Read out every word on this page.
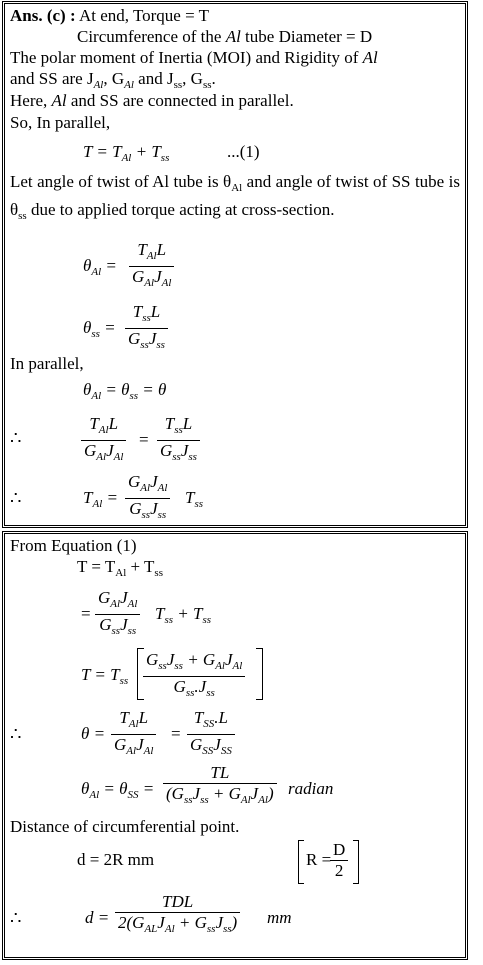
Ans. (c) : At end, Torque = T
Circumference of the Al tube Diameter = D
The polar moment of Inertia (MOI) and Rigidity of Al
and SS are $J_{Al}$, $G_{Al}$ and $J_{ss}$, $G_{ss}$.
Here, Al and SS are connected in parallel.
So, In parallel,
$T = T_{Al} + T_{ss}$	...(1)
Let angle of twist of Al tube is $\theta_{Al}$ and angle of twist of SS tube is $\theta_{ss}$ due to applied torque acting at cross-section.
$\theta_{Al}$ =
$T_{Al}L$
$G_{Al}J_{Al}$
$\theta_{ss}$ =
$T_{ss}L$
$G_{ss}J_{ss}$
In parallel,
$\theta_{Al} = \theta_{ss} = \theta$
∴
$T_{Al}L$
$G_{Al}J_{Al}$
=
$T_{ss}L$
$G_{ss}J_{ss}$
∴	$T_{Al}$ =
$G_{Al}J_{Al}$
$G_{ss}J_{ss}$
$T_{ss}$
From Equation (1)
$T = T_{Al} + T_{ss}$
=
$G_{Al}J_{Al}$
$G_{ss}J_{ss}$
$T_{ss} + T_{ss}$
$T = T_{ss}$
$G_{ss}J_{ss} + G_{Al}J_{Al}$
$G_{ss}.J_{ss}$
∴	θ =
$T_{Al}L$
$G_{Al}J_{Al}$
=
$T_{SS}.L$
$G_{SS}J_{SS}$
$\theta_{Al} = \theta_{SS}$ =
TL
$(G_{ss}J_{ss} + G_{Al}J_{Al})$ radian
Distance of circumferential point.
d = 2R mm	R =
D
2
∴	d =
TDL
$2(G_{AL}J_{Al} + G_{ss}J_{ss})$ mm
